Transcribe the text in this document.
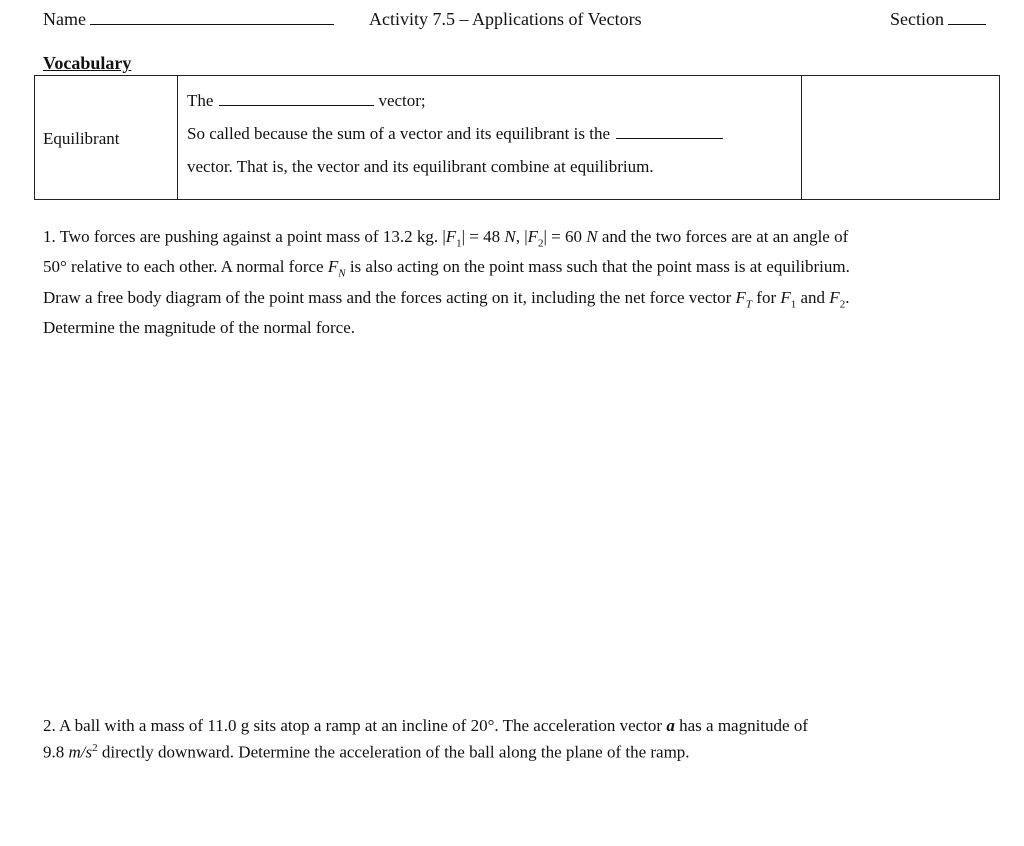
Name	Activity 7.5 – Applications of Vectors	Section
Vocabulary
Equilibrant
The	vector;
So called because the sum of a vector and its equilibrant is the
vector. That is, the vector and its equilibrant combine at equilibrium.
1. Two forces are pushing against a point mass of 13.2 kg. $|F_1| = 48$ N, $|F_2| = 60$ N and the two forces are at an angle of
50° relative to each other. A normal force $F_N$ is also acting on the point mass such that the point mass is at equilibrium.
Draw a free body diagram of the point mass and the forces acting on it, including the net force vector $F_T$ for $F_1$ and $F_2$.
Determine the magnitude of the normal force.
2. A ball with a mass of 11.0 g sits atop a ramp at an incline of 20°. The acceleration vector a has a magnitude of
9.8 $m/s^2$ directly downward. Determine the acceleration of the ball along the plane of the ramp.
